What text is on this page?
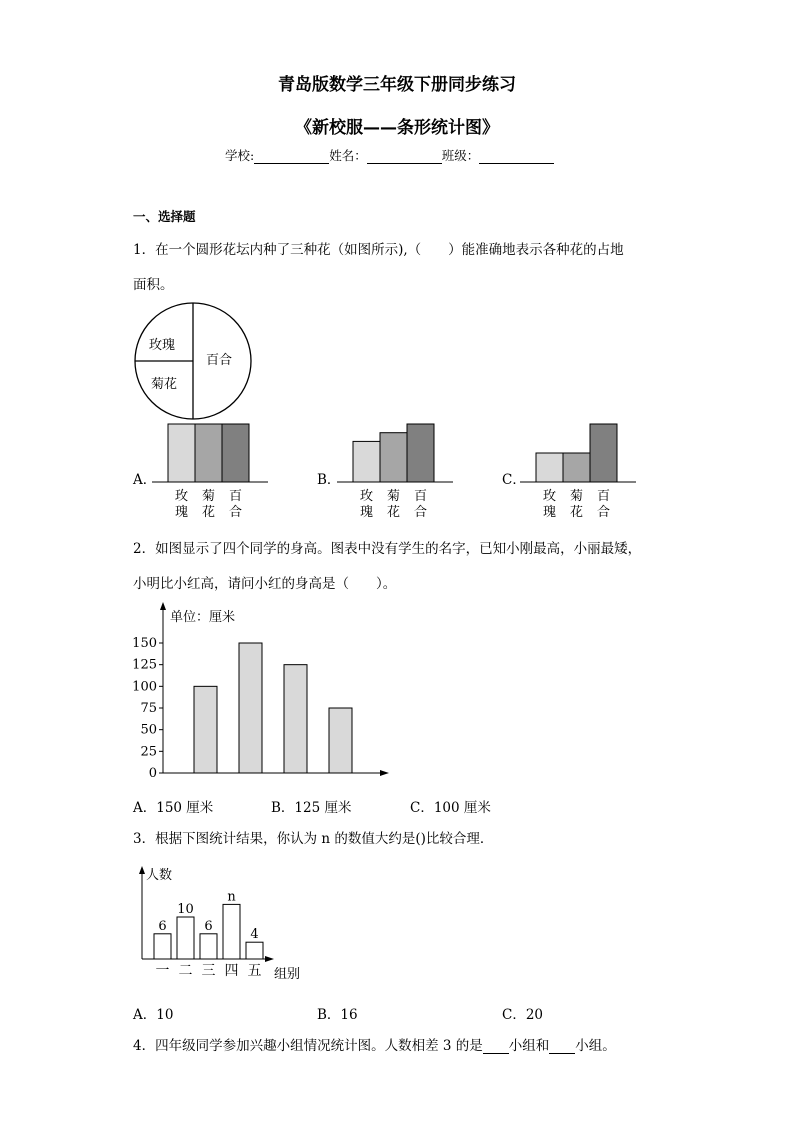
青岛版数学三年级下册同步练习
《新校服——条形统计图》
学校:	姓名：	班级：
一、选择题
1．在一个圆形花坛内种了三种花（如图所示),（　　）能准确地表示各种花的占地
面积。
玫瑰
菊花
百合
A．	B．	C．
玫
瑰
菊
花
百
合
玫
瑰
菊
花
百
合
玫
瑰
菊
花
百
合
2．如图显示了四个同学的身高。图表中没有学生的名字，已知小刚最高，小丽最矮，
小明比小红高，请问小红的身高是（　　）。
单位：厘米
0
25
50
75
100
125
150
A．150 厘米	B．125 厘米	C．100 厘米
3．根据下图统计结果，你认为 n 的数值大约是()比较合理．
人数
组别
6
一
10
二
6
三
n
四
4
五
A．10	B．16	C．20
4．四年级同学参加兴趣小组情况统计图。人数相差 3 的是 小组和 小组。
